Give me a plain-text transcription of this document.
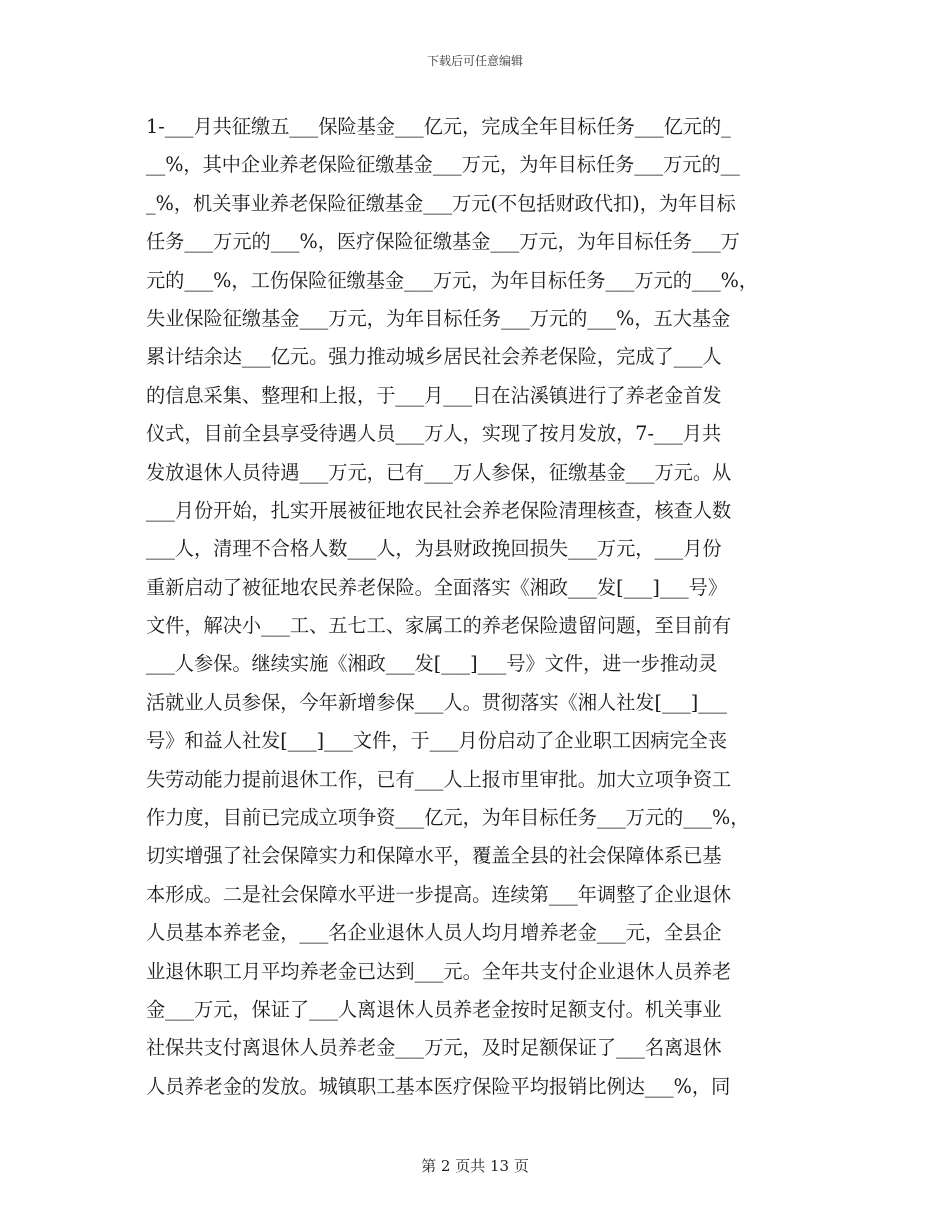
下载后可任意编辑
1-___月共征缴五___保险基金___亿元，完成全年目标任务___亿元的_
__%，其中企业养老保险征缴基金___万元，为年目标任务___万元的__
_%，机关事业养老保险征缴基金___万元(不包括财政代扣)，为年目标
任务___万元的___%，医疗保险征缴基金___万元，为年目标任务___万
元的___%，工伤保险征缴基金___万元，为年目标任务___万元的___%，
失业保险征缴基金___万元，为年目标任务___万元的___%，五大基金
累计结余达___亿元。强力推动城乡居民社会养老保险，完成了___人
的信息采集、整理和上报，于___月___日在沾溪镇进行了养老金首发
仪式，目前全县享受待遇人员___万人，实现了按月发放，7-___月共
发放退休人员待遇___万元，已有___万人参保，征缴基金___万元。从
___月份开始，扎实开展被征地农民社会养老保险清理核查，核查人数
___人，清理不合格人数___人，为县财政挽回损失___万元，___月份
重新启动了被征地农民养老保险。全面落实《湘政___发[___]___号》
文件，解决小___工、五七工、家属工的养老保险遗留问题，至目前有
___人参保。继续实施《湘政___发[___]___号》文件，进一步推动灵
活就业人员参保，今年新增参保___人。贯彻落实《湘人社发[___]___
号》和益人社发[___]___文件，于___月份启动了企业职工因病完全丧
失劳动能力提前退休工作，已有___人上报市里审批。加大立项争资工
作力度，目前已完成立项争资___亿元，为年目标任务___万元的___%，
切实增强了社会保障实力和保障水平，覆盖全县的社会保障体系已基
本形成。二是社会保障水平进一步提高。连续第___年调整了企业退休
人员基本养老金，___名企业退休人员人均月增养老金___元，全县企
业退休职工月平均养老金已达到___元。全年共支付企业退休人员养老
金___万元，保证了___人离退休人员养老金按时足额支付。机关事业
社保共支付离退休人员养老金___万元，及时足额保证了___名离退休
人员养老金的发放。城镇职工基本医疗保险平均报销比例达___%，同
第 2 页共 13 页
